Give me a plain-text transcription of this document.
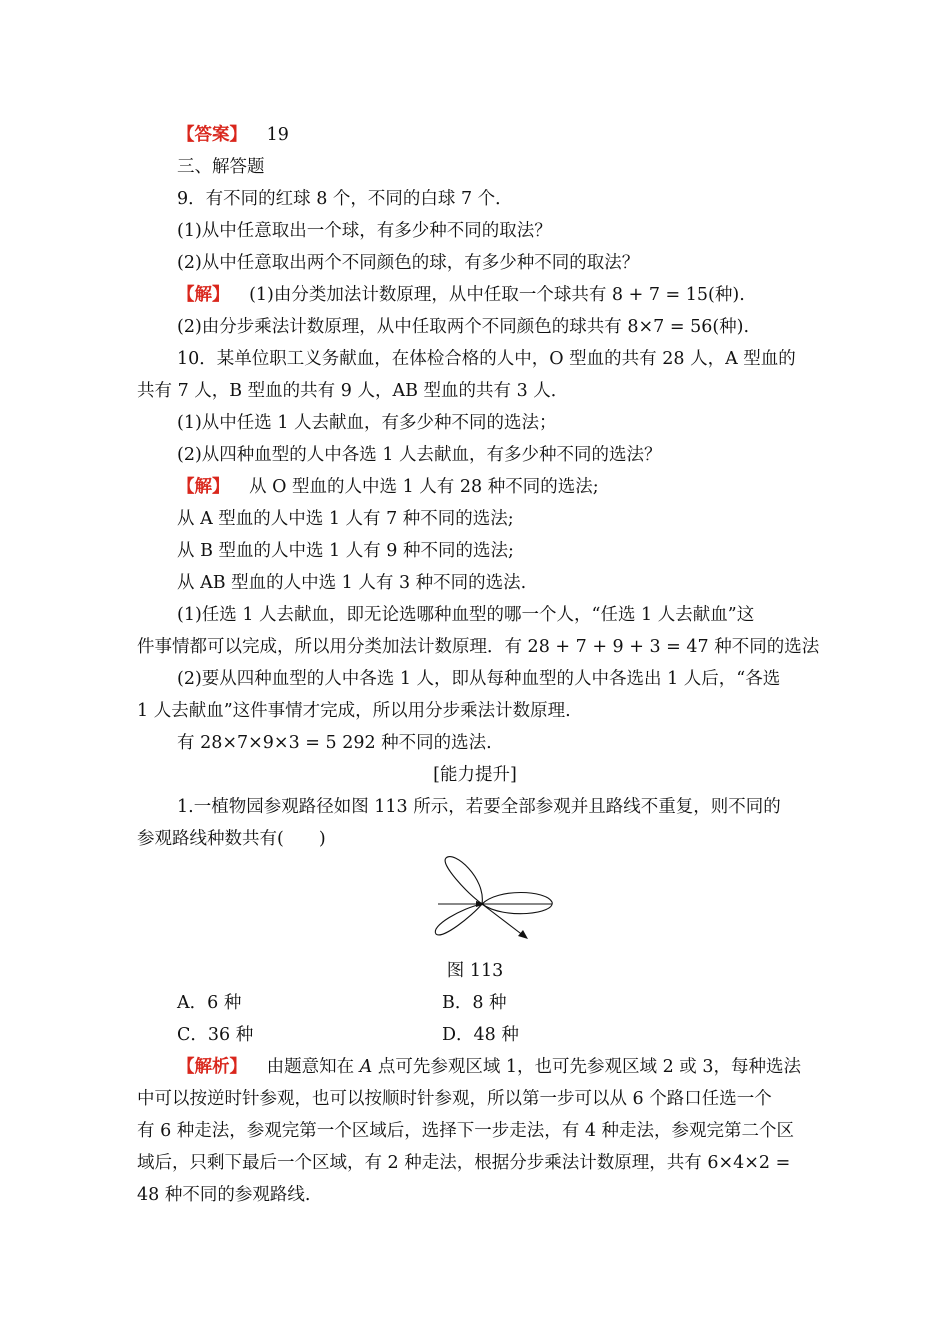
【答案】 19
三、解答题
9．有不同的红球 8 个，不同的白球 7 个．
(1)从中任意取出一个球，有多少种不同的取法？
(2)从中任意取出两个不同颜色的球，有多少种不同的取法？
【解】 (1)由分类加法计数原理，从中任取一个球共有 8 + 7 = 15(种).
(2)由分步乘法计数原理，从中任取两个不同颜色的球共有 8×7 = 56(种).
10．某单位职工义务献血，在体检合格的人中，O 型血的共有 28 人，A 型血的
共有 7 人，B 型血的共有 9 人，AB 型血的共有 3 人．
(1)从中任选 1 人去献血，有多少种不同的选法；
(2)从四种血型的人中各选 1 人去献血，有多少种不同的选法？
【解】 从 O 型血的人中选 1 人有 28 种不同的选法;
从 A 型血的人中选 1 人有 7 种不同的选法;
从 B 型血的人中选 1 人有 9 种不同的选法;
从 AB 型血的人中选 1 人有 3 种不同的选法.
(1)任选 1 人去献血，即无论选哪种血型的哪一个人，“任选 1 人去献血”这
件事情都可以完成，所以用分类加法计数原理．有 28 + 7 + 9 + 3 = 47 种不同的选法
(2)要从四种血型的人中各选 1 人，即从每种血型的人中各选出 1 人后，“各选
1 人去献血”这件事情才完成，所以用分步乘法计数原理.
有 28×7×9×3 = 5 292 种不同的选法.
[能力提升]
1.一植物园参观路径如图 113 所示，若要全部参观并且路线不重复，则不同的
参观路线种数共有(　　)
图 113
A．6 种	B．8 种
C．36 种	D．48 种
【解析】 由题意知在 A 点可先参观区域 1，也可先参观区域 2 或 3，每种选法
中可以按逆时针参观，也可以按顺时针参观，所以第一步可以从 6 个路口任选一个
有 6 种走法，参观完第一个区域后，选择下一步走法，有 4 种走法，参观完第二个区
域后，只剩下最后一个区域，有 2 种走法，根据分步乘法计数原理，共有 6×4×2 =
48 种不同的参观路线.
